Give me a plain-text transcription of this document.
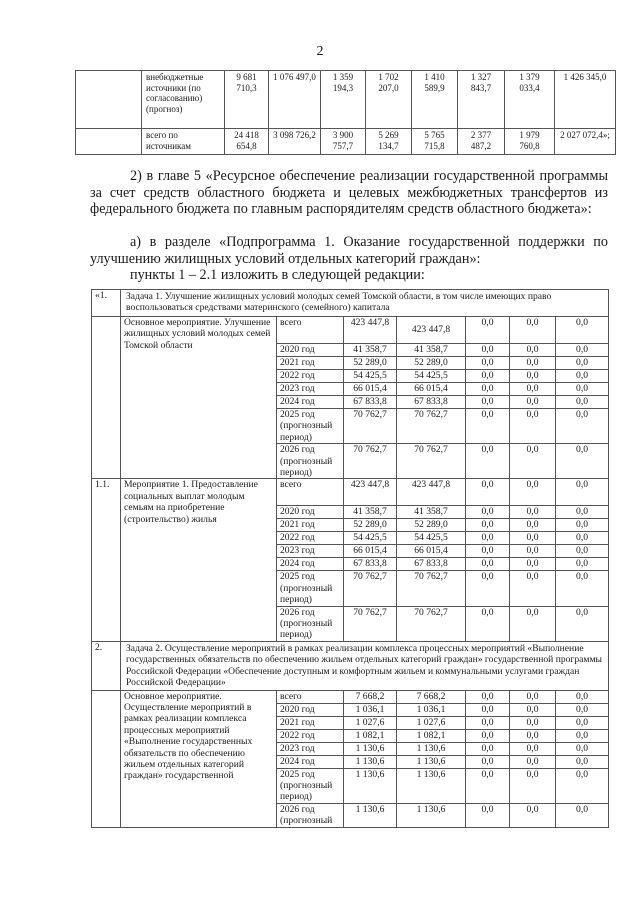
2
	внебюджетные источники (по согласованию) (прогноз)	9 681 710,3	1 076 497,0	1 359 194,3	1 702 207,0	1 410 589,9	1 327 843,7	1 379 033,4	1 426 345,0
	всего по источникам	24 418 654,8	3 098 726,2	3 900 757,7	5 269 134,7	5 765 715,8	2 377 487,2	1 979 760,8	2 027 072,4»;
2) в главе 5 «Ресурсное обеспечение реализации государственной программы за счет средств областного бюджета и целевых межбюджетных трансфертов из федерального бюджета по главным распорядителям средств областного бюджета»:
а) в разделе «Подпрограмма 1. Оказание государственной поддержки по улучшению жилищных условий отдельных категорий граждан»:
пункты 1 – 2.1 изложить в следующей редакции:
«1.	Задача 1. Улучшение жилищных условий молодых семей Томской области, в том числе имеющих право воспользоваться средствами материнского (семейного) капитала						
	Основное мероприятие. Улучшение жилищных условий молодых семей Томской области	всего	423 447,8	423 447,8	0,0	0,0	0,0
		2020 год	41 358,7	41 358,7	0,0	0,0	0,0
		2021 год	52 289,0	52 289,0	0,0	0,0	0,0
		2022 год	54 425,5	54 425,5	0,0	0,0	0,0
		2023 год	66 015,4	66 015,4	0,0	0,0	0,0
		2024 год	67 833,8	67 833,8	0,0	0,0	0,0
		2025 год (прогнозный период)	70 762,7	70 762,7	0,0	0,0	0,0
		2026 год (прогнозный период)	70 762,7	70 762,7	0,0	0,0	0,0
1.1.	Мероприятие 1. Предоставление социальных выплат молодым семьям на приобретение (строительство) жилья	всего	423 447,8	423 447,8	0,0	0,0	0,0
		2020 год	41 358,7	41 358,7	0,0	0,0	0,0
		2021 год	52 289,0	52 289,0	0,0	0,0	0,0
		2022 год	54 425,5	54 425,5	0,0	0,0	0,0
		2023 год	66 015,4	66 015,4	0,0	0,0	0,0
		2024 год	67 833,8	67 833,8	0,0	0,0	0,0
		2025 год (прогнозный период)	70 762,7	70 762,7	0,0	0,0	0,0
		2026 год (прогнозный период)	70 762,7	70 762,7	0,0	0,0	0,0
2.	Задача 2. Осуществление мероприятий в рамках реализации комплекса процессных мероприятий «Выполнение государственных обязательств по обеспечению жильем отдельных категорий граждан» государственной программы Российской Федерации «Обеспечение доступным и комфортным жильем и коммунальными услугами граждан Российской Федерации»						
	Основное мероприятие. Осуществление мероприятий в рамках реализации комплекса процессных мероприятий «Выполнение государственных обязательств по обеспечению жильем отдельных категорий граждан» государственной	всего	7 668,2	7 668,2	0,0	0,0	0,0
		2020 год	1 036,1	1 036,1	0,0	0,0	0,0
		2021 год	1 027,6	1 027,6	0,0	0,0	0,0
		2022 год	1 082,1	1 082,1	0,0	0,0	0,0
		2023 год	1 130,6	1 130,6	0,0	0,0	0,0
		2024 год	1 130,6	1 130,6	0,0	0,0	0,0
		2025 год (прогнозный период)	1 130,6	1 130,6	0,0	0,0	0,0
		2026 год (прогнозный	1 130,6	1 130,6	0,0	0,0	0,0
